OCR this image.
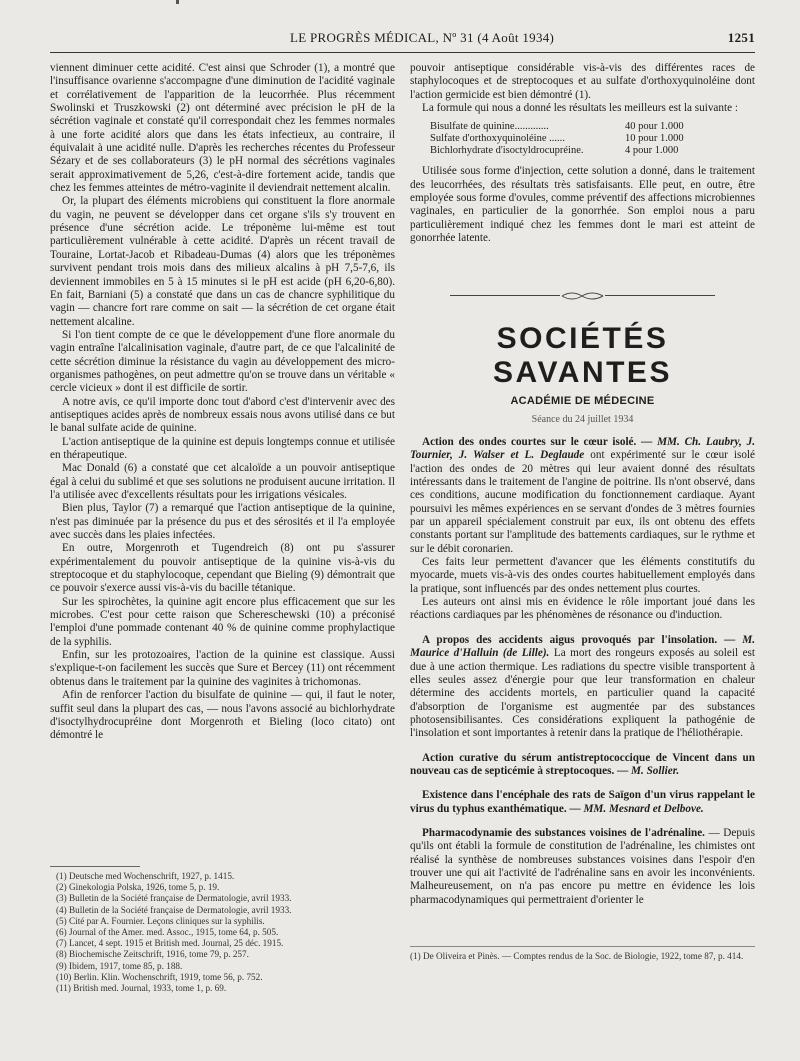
LE PROGRÈS MÉDICAL, Nº 31 (4 Août 1934)	1251

viennent diminuer cette acidité. C'est ainsi que Schroder (1), a montré que l'insuffisance ovarienne s'accompagne d'une diminution de l'acidité vaginale et corrélativement de l'apparition de la leucorrhée. Plus récemment Swolinski et Truszkowski (2) ont déterminé avec précision le pH de la sécrétion vaginale et constaté qu'il correspondait chez les femmes normales à une forte acidité alors que dans les états infectieux, au contraire, il équivalait à une acidité nulle. D'après les recherches récentes du Professeur Sézary et de ses collaborateurs (3) le pH normal des sécrétions vaginales serait approximativement de 5,26, c'est-à-dire fortement acide, tandis que chez les femmes atteintes de métro-vaginite il deviendrait nettement alcalin.

Or, la plupart des éléments microbiens qui constituent la flore anormale du vagin, ne peuvent se développer dans cet organe s'ils s'y trouvent en présence d'une sécrétion acide. Le tréponème lui-même est tout particulièrement vulnérable à cette acidité. D'après un récent travail de Touraine, Lortat-Jacob et Ribadeau-Dumas (4) alors que les tréponèmes survivent pendant trois mois dans des milieux alcalins à pH 7,5-7,6, ils deviennent immobiles en 5 à 15 minutes si le pH est acide (pH 6,20-6,80). En fait, Barniani (5) a constaté que dans un cas de chancre syphilitique du vagin — chancre fort rare comme on sait — la sécrétion de cet organe était nettement alcaline.

Si l'on tient compte de ce que le développement d'une flore anormale du vagin entraîne l'alcalinisation vaginale, d'autre part, de ce que l'alcalinité de cette sécrétion diminue la résistance du vagin au développement des micro-organismes pathogènes, on peut admettre qu'on se trouve dans un véritable « cercle vicieux » dont il est difficile de sortir.

A notre avis, ce qu'il importe donc tout d'abord c'est d'intervenir avec des antiseptiques acides après de nombreux essais nous avons utilisé dans ce but le banal sulfate acide de quinine.

L'action antiseptique de la quinine est depuis longtemps connue et utilisée en thérapeutique.

Mac Donald (6) a constaté que cet alcaloïde a un pouvoir antiseptique égal à celui du sublimé et que ses solutions ne produisent aucune irritation. Il l'a utilisée avec d'excellents résultats pour les irrigations vésicales.

Bien plus, Taylor (7) a remarqué que l'action antiseptique de la quinine, n'est pas diminuée par la présence du pus et des sérosités et il l'a employée avec succès dans les plaies infectées.

En outre, Morgenroth et Tugendreich (8) ont pu s'assurer expérimentalement du pouvoir antiseptique de la quinine vis-à-vis du streptocoque et du staphylocoque, cependant que Bieling (9) démontrait que ce pouvoir s'exerce aussi vis-à-vis du bacille tétanique.

Sur les spirochètes, la quinine agit encore plus efficacement que sur les microbes. C'est pour cette raison que Schereschewski (10) a préconisé l'emploi d'une pommade contenant 40 % de quinine comme prophylactique de la syphilis.

Enfin, sur les protozoaires, l'action de la quinine est classique. Aussi s'explique-t-on facilement les succès que Sure et Bercey (11) ont récemment obtenus dans le traitement par la quinine des vaginites à trichomonas.

Afin de renforcer l'action du bisulfate de quinine — qui, il faut le noter, suffit seul dans la plupart des cas, — nous l'avons associé au bichlorhydrate d'isoctylhydrocupréine dont Morgenroth et Bieling (loco citato) ont démontré le

(1) Deutsche med Wochenschrift, 1927, p. 1415.
(2) Ginekologia Polska, 1926, tome 5, p. 19.
(3) Bulletin de la Société française de Dermatologie, avril 1933.
(4) Bulletin de la Société française de Dermatologie, avril 1933.
(5) Cité par A. Fournier. Leçons cliniques sur la syphilis.
(6) Journal of the Amer. med. Assoc., 1915, tome 64, p. 505.
(7) Lancet, 4 sept. 1915 et British med. Journal, 25 déc. 1915.
(8) Biochemische Zeitschrift, 1916, tome 79, p. 257.
(9) Ibidem, 1917, tome 85, p. 188.
(10) Berlin. Klin. Wochenschrift, 1919, tome 56, p. 752.
(11) British med. Journal, 1933, tome 1, p. 69.

pouvoir antiseptique considérable vis-à-vis des différentes races de staphylocoques et de streptocoques et au sulfate d'orthoxyquinoléine dont l'action germicide est bien démontré (1).

La formule qui nous a donné les résultats les meilleurs est la suivante :

Bisulfate de quinine.............	40 pour 1.000
Sulfate d'orthoxyquinoléine ......	10 pour 1.000
Bichlorhydrate d'isoctyldrocupréine.	4 pour 1.000

Utilisée sous forme d'injection, cette solution a donné, dans le traitement des leucorrhées, des résultats très satisfaisants. Elle peut, en outre, être employée sous forme d'ovules, comme préventif des affections microbiennes vaginales, en particulier de la gonorrhée. Son emploi nous a paru particulièrement indiqué chez les femmes dont le mari est atteint de gonorrhée latente.

SOCIÉTÉS SAVANTES
ACADÉMIE DE MÉDECINE
Séance du 24 juillet 1934

Action des ondes courtes sur le cœur isolé. — MM. Ch. Laubry, J. Tournier, J. Walser et L. Deglaude ont expérimenté sur le cœur isolé l'action des ondes de 20 mètres qui leur avaient donné des résultats intéressants dans le traitement de l'angine de poitrine. Ils n'ont observé, dans ces conditions, aucune modification du fonctionnement cardiaque. Ayant poursuivi les mêmes expériences en se servant d'ondes de 3 mètres fournies par un appareil spécialement construit par eux, ils ont obtenu des effets constants portant sur l'amplitude des battements cardiaques, sur le rythme et sur le débit coronarien.

Ces faits leur permettent d'avancer que les éléments constitutifs du myocarde, muets vis-à-vis des ondes courtes habituellement employés dans la pratique, sont influencés par des ondes nettement plus courtes.

Les auteurs ont ainsi mis en évidence le rôle important joué dans les réactions cardiaques par les phénomènes de résonance ou d'induction.

A propos des accidents aigus provoqués par l'insolation. — M. Maurice d'Halluin (de Lille). La mort des rongeurs exposés au soleil est due à une action thermique. Les radiations du spectre visible transportent à elles seules assez d'énergie pour que leur transformation en chaleur détermine des accidents mortels, en particulier quand la capacité d'absorption de l'organisme est augmentée par des substances photosensibilisantes. Ces considérations expliquent la pathogénie de l'insolation et sont importantes à retenir dans la pratique de l'héliothérapie.

Action curative du sérum antistreptococcique de Vincent dans un nouveau cas de septicémie à streptocoques. — M. Sollier.

Existence dans l'encéphale des rats de Saïgon d'un virus rappelant le virus du typhus exanthématique. — MM. Mesnard et Delbove.

Pharmacodynamie des substances voisines de l'adrénaline. — Depuis qu'ils ont établi la formule de constitution de l'adrénaline, les chimistes ont réalisé la synthèse de nombreuses substances voisines dans l'espoir d'en trouver une qui ait l'activité de l'adrénaline sans en avoir les inconvénients. Malheureusement, on n'a pas encore pu mettre en évidence les lois pharmacodynamiques qui permettraient d'orienter le

(1) De Oliveira et Pinès. — Comptes rendus de la Soc. de Biologie, 1922, tome 87, p. 414.
